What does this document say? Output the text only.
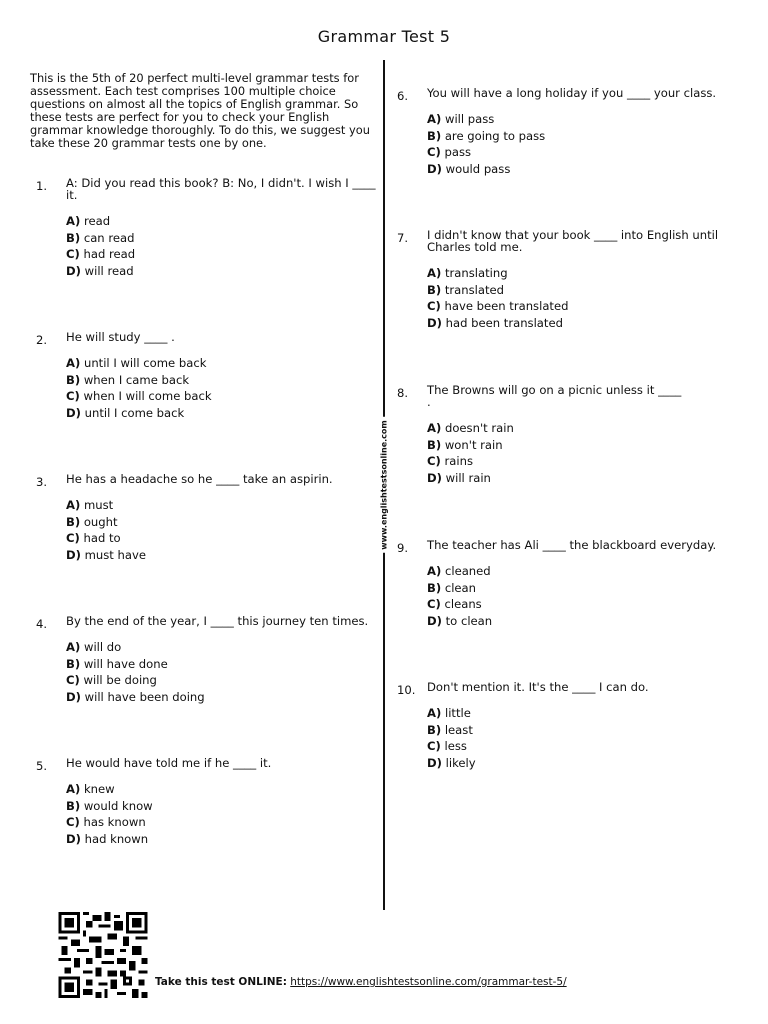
Grammar Test 5
This is the 5th of 20 perfect multi-level grammar tests for assessment. Each test comprises 100 multiple choice questions on almost all the topics of English grammar. So these tests are perfect for you to check your English grammar knowledge thoroughly. To do this, we suggest you take these 20 grammar tests one by one.
1.	A: Did you read this book? B: No, I didn't. I wish I ____ it.
A) read
B) can read
C) had read
D) will read
2.	He will study ____ .
A) until I will come back
B) when I came back
C) when I will come back
D) until I come back
3.	He has a headache so he ____ take an aspirin.
A) must
B) ought
C) had to
D) must have
4.	By the end of the year, I ____ this journey ten times.
A) will do
B) will have done
C) will be doing
D) will have been doing
5.	He would have told me if he ____ it.
A) knew
B) would know
C) has known
D) had known
www.englishtestsonline.com
6.	You will have a long holiday if you ____ your class.
A) will pass
B) are going to pass
C) pass
D) would pass
7.	I didn't know that your book ____ into English until Charles told me.
A) translating
B) translated
C) have been translated
D) had been translated
8.	The Browns will go on a picnic unless it ____ .
A) doesn't rain
B) won't rain
C) rains
D) will rain
9.	The teacher has Ali ____ the blackboard everyday.
A) cleaned
B) clean
C) cleans
D) to clean
10. Don't mention it. It's the ____ I can do.
A) little
B) least
C) less
D) likely
Take this test ONLINE: https://www.englishtestsonline.com/grammar-test-5/
